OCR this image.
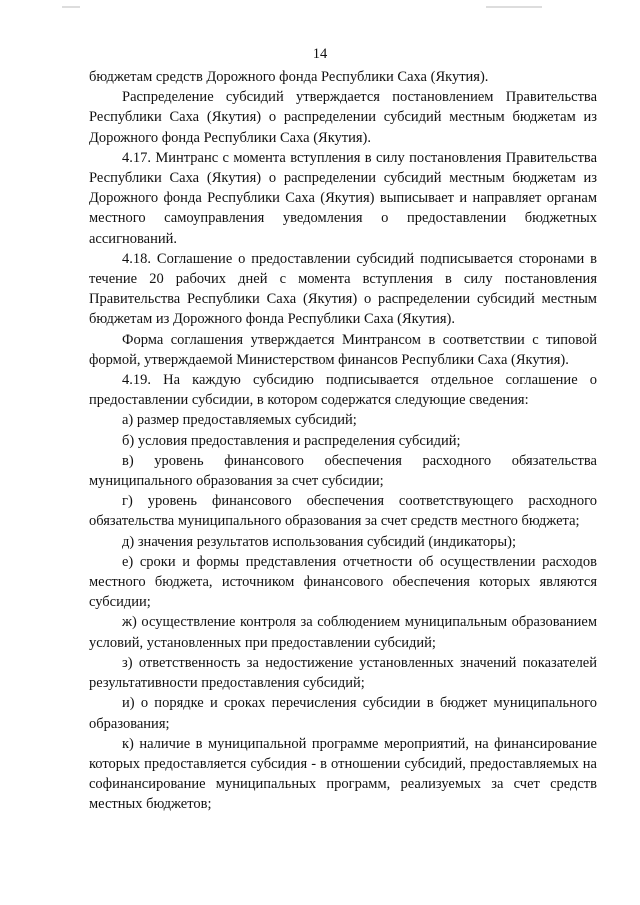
14

бюджетам средств Дорожного фонда Республики Саха (Якутия).

Распределение субсидий утверждается постановлением Правительства Республики Саха (Якутия) о распределении субсидий местным бюджетам из Дорожного фонда Республики Саха (Якутия).

4.17. Минтранс с момента вступления в силу постановления Правительства Республики Саха (Якутия) о распределении субсидий местным бюджетам из Дорожного фонда Республики Саха (Якутия) выписывает и направляет органам местного самоуправления уведомления о предоставлении бюджетных ассигнований.

4.18. Соглашение о предоставлении субсидий подписывается сторонами в течение 20 рабочих дней с момента вступления в силу постановления Правительства Республики Саха (Якутия) о распределении субсидий местным бюджетам из Дорожного фонда Республики Саха (Якутия).

Форма соглашения утверждается Минтрансом в соответствии с типовой формой, утверждаемой Министерством финансов Республики Саха (Якутия).

4.19. На каждую субсидию подписывается отдельное соглашение о предоставлении субсидии, в котором содержатся следующие сведения:

а) размер предоставляемых субсидий;

б) условия предоставления и распределения субсидий;

в) уровень финансового обеспечения расходного обязательства муниципального образования за счет субсидии;

г) уровень финансового обеспечения соответствующего расходного обязательства муниципального образования за счет средств местного бюджета;

д) значения результатов использования субсидий (индикаторы);

е) сроки и формы представления отчетности об осуществлении расходов местного бюджета, источником финансового обеспечения которых являются субсидии;

ж) осуществление контроля за соблюдением муниципальным образованием условий, установленных при предоставлении субсидий;

з) ответственность за недостижение установленных значений показателей результативности предоставления субсидий;

и) о порядке и сроках перечисления субсидии в бюджет муниципального образования;

к) наличие в муниципальной программе мероприятий, на финансирование которых предоставляется субсидия - в отношении субсидий, предоставляемых на софинансирование муниципальных программ, реализуемых за счет средств местных бюджетов;
